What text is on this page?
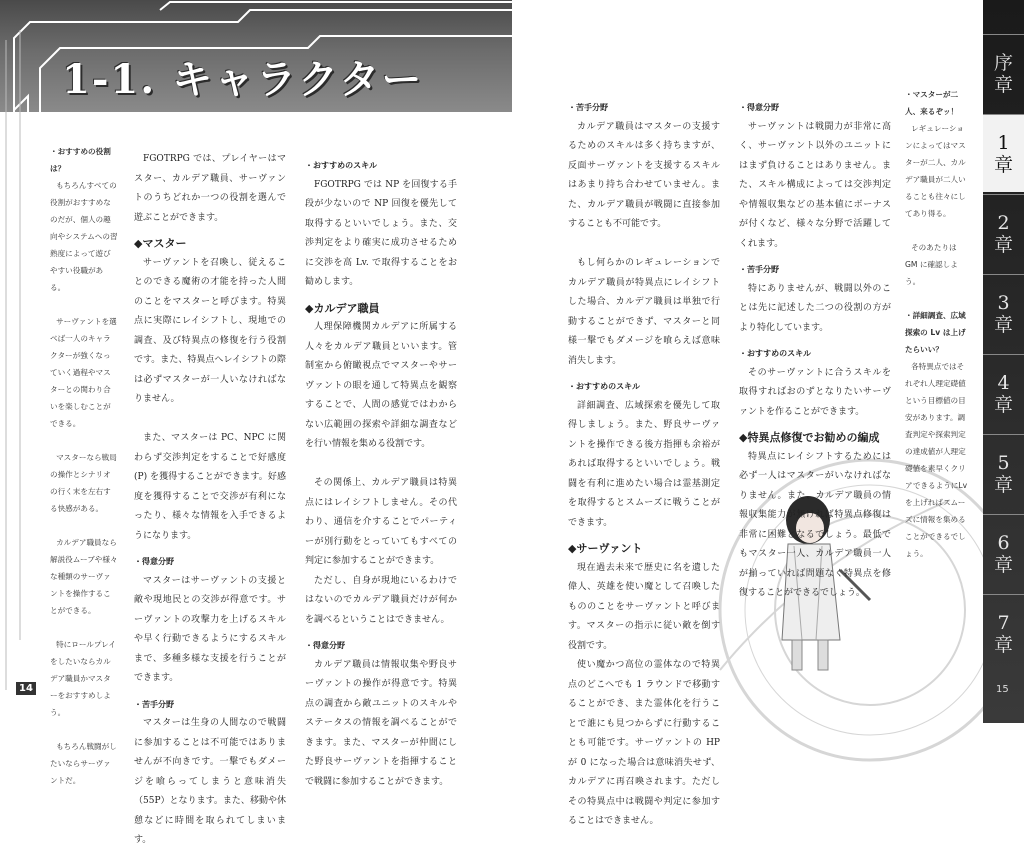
1-1. キャラクター
・おすすめの役割は？
もちろんすべての役割がおすすめなのだが、個人の趣向やシステムへの習熟度によって遊びやすい役職がある。
サーヴァントを選べば一人のキャラクターが強くなっていく過程やマスターとの関わり合いを楽しむことができる。
マスターなら戦局の操作とシナリオの行く末を左右する快感がある。
カルデア職員なら解説役ムーブや様々な種類のサーヴァントを操作することができる。
特にロールプレイをしたいならカルデア職員かマスターをおすすめしよう。
もちろん戦闘がしたいならサーヴァントだ。

FGOTRPG では、プレイヤーはマスター、カルデア職員、サーヴァントのうちどれか一つの役割を選んで遊ぶことができます。

◆マスター

サーヴァントを召喚し、従えることのできる魔術の才能を持った人間のことをマスターと呼びます。特異点に実際にレイシフトし、現地での調査、及び特異点の修復を行う役割です。また、特異点へレイシフトの際は必ずマスターが一人いなければなりません。

また、マスターは PC、NPC に関わらず交渉判定をすることで好感度 (P) を獲得することができます。好感度を獲得することで交渉が有利になったり、様々な情報を入手できるようになります。

・得意分野

マスターはサーヴァントの支援と敵や現地民との交渉が得意です。サーヴァントの攻撃力を上げるスキルや早く行動できるようにするスキルまで、多種多様な支援を行うことができます。

・苦手分野

マスターは生身の人間なので戦闘に参加することは不可能ではありませんが不向きです。一撃でもダメージを喰らってしまうと意味消失（55P）となります。また、移動や休憩などに時間を取られてしまいます。

・おすすめのスキル

FGOTRPG では NP を回復する手段が少ないので NP 回復を優先して取得するといいでしょう。また、交渉判定をより確実に成功させるために交渉を高 Lv. で取得することをお勧めします。

◆カルデア職員

人理保障機関カルデアに所属する人々をカルデア職員といいます。管制室から俯瞰視点でマスターやサーヴァントの眼を通して特異点を観察することで、人間の感覚ではわからない広範囲の探索や詳細な調査などを行い情報を集める役割です。

その関係上、カルデア職員は特異点にはレイシフトしません。その代わり、通信を介することでパーティーが別行動をとっていてもすべての判定に参加することができます。

ただし、自身が現地にいるわけではないのでカルデア職員だけが何かを調べるということはできません。

・得意分野

カルデア職員は情報収集や野良サーヴァントの操作が得意です。特異点の調査から敵ユニットのスキルやステータスの情報を調べることができます。また、マスターが仲間にした野良サーヴァントを指揮することで戦闘に参加することができます。

14
・苦手分野

カルデア職員はマスターの支援するためのスキルは多く持ちますが、反面サーヴァントを支援するスキルはあまり持ち合わせていません。また、カルデア職員が戦闘に直接参加することも不可能です。

もし何らかのレギュレーションでカルデア職員が特異点にレイシフトした場合、カルデア職員は単独で行動することができず、マスターと同様一撃でもダメージを喰らえば意味消失します。

・おすすめのスキル

詳細調査、広域探索を優先して取得しましょう。また、野良サーヴァントを操作できる後方指揮も余裕があれば取得するといいでしょう。戦闘を有利に進めたい場合は霊基測定を取得するとスムーズに戦うことができます。

◆サーヴァント

現在過去未来で歴史に名を遺した偉人、英雄を使い魔として召喚したもののことをサーヴァントと呼びます。マスターの指示に従い敵を倒す役割です。

使い魔かつ高位の霊体なので特異点のどこへでも 1 ラウンドで移動することができ、また霊体化を行うことで誰にも見つからずに行動することも可能です。サーヴァントの HP が 0 になった場合は意味消失せず、カルデアに再召喚されます。ただしその特異点中は戦闘や判定に参加することはできません。

・得意分野

サーヴァントは戦闘力が非常に高く、サーヴァント以外のユニットにはまず負けることはありません。また、スキル構成によっては交渉判定や情報収集などの基本値にボーナスが付くなど、様々な分野で活躍してくれます。

・苦手分野

特にありませんが、戦闘以外のことは先に記述した二つの役割の方がより特化しています。

・おすすめのスキル

そのサーヴァントに合うスキルを取得すればおのずとなりたいサーヴァントを作ることができます。

◆特異点修復でお勧めの編成

特異点にレイシフトするためには必ず一人はマスターがいなければなりません。また、カルデア職員の情報収集能力が無ければ特異点修復は非常に困難となるでしょう。最低でもマスター一人、カルデア職員一人が揃っていれば問題なく特異点を修復することができるでしょう。

・マスターが二人、来るぞッ！
レギュレーションによってはマスターが二人、カルデア職員が二人いることも往々にしてあり得る。
そのあたりは GM に確認しよう。
・詳細調査、広域探索の Lv は上げたらいい？
各特異点ではそれぞれ人理定礎値という目標値の目安があります。調査判定や探索判定の達成値が人理定礎値を素早くクリアできるようにLvを上げればスムーズに情報を集めることができるでしょう。
序
章
1
章
2
章
3
章
4
章
5
章
6
章
7
章
15
